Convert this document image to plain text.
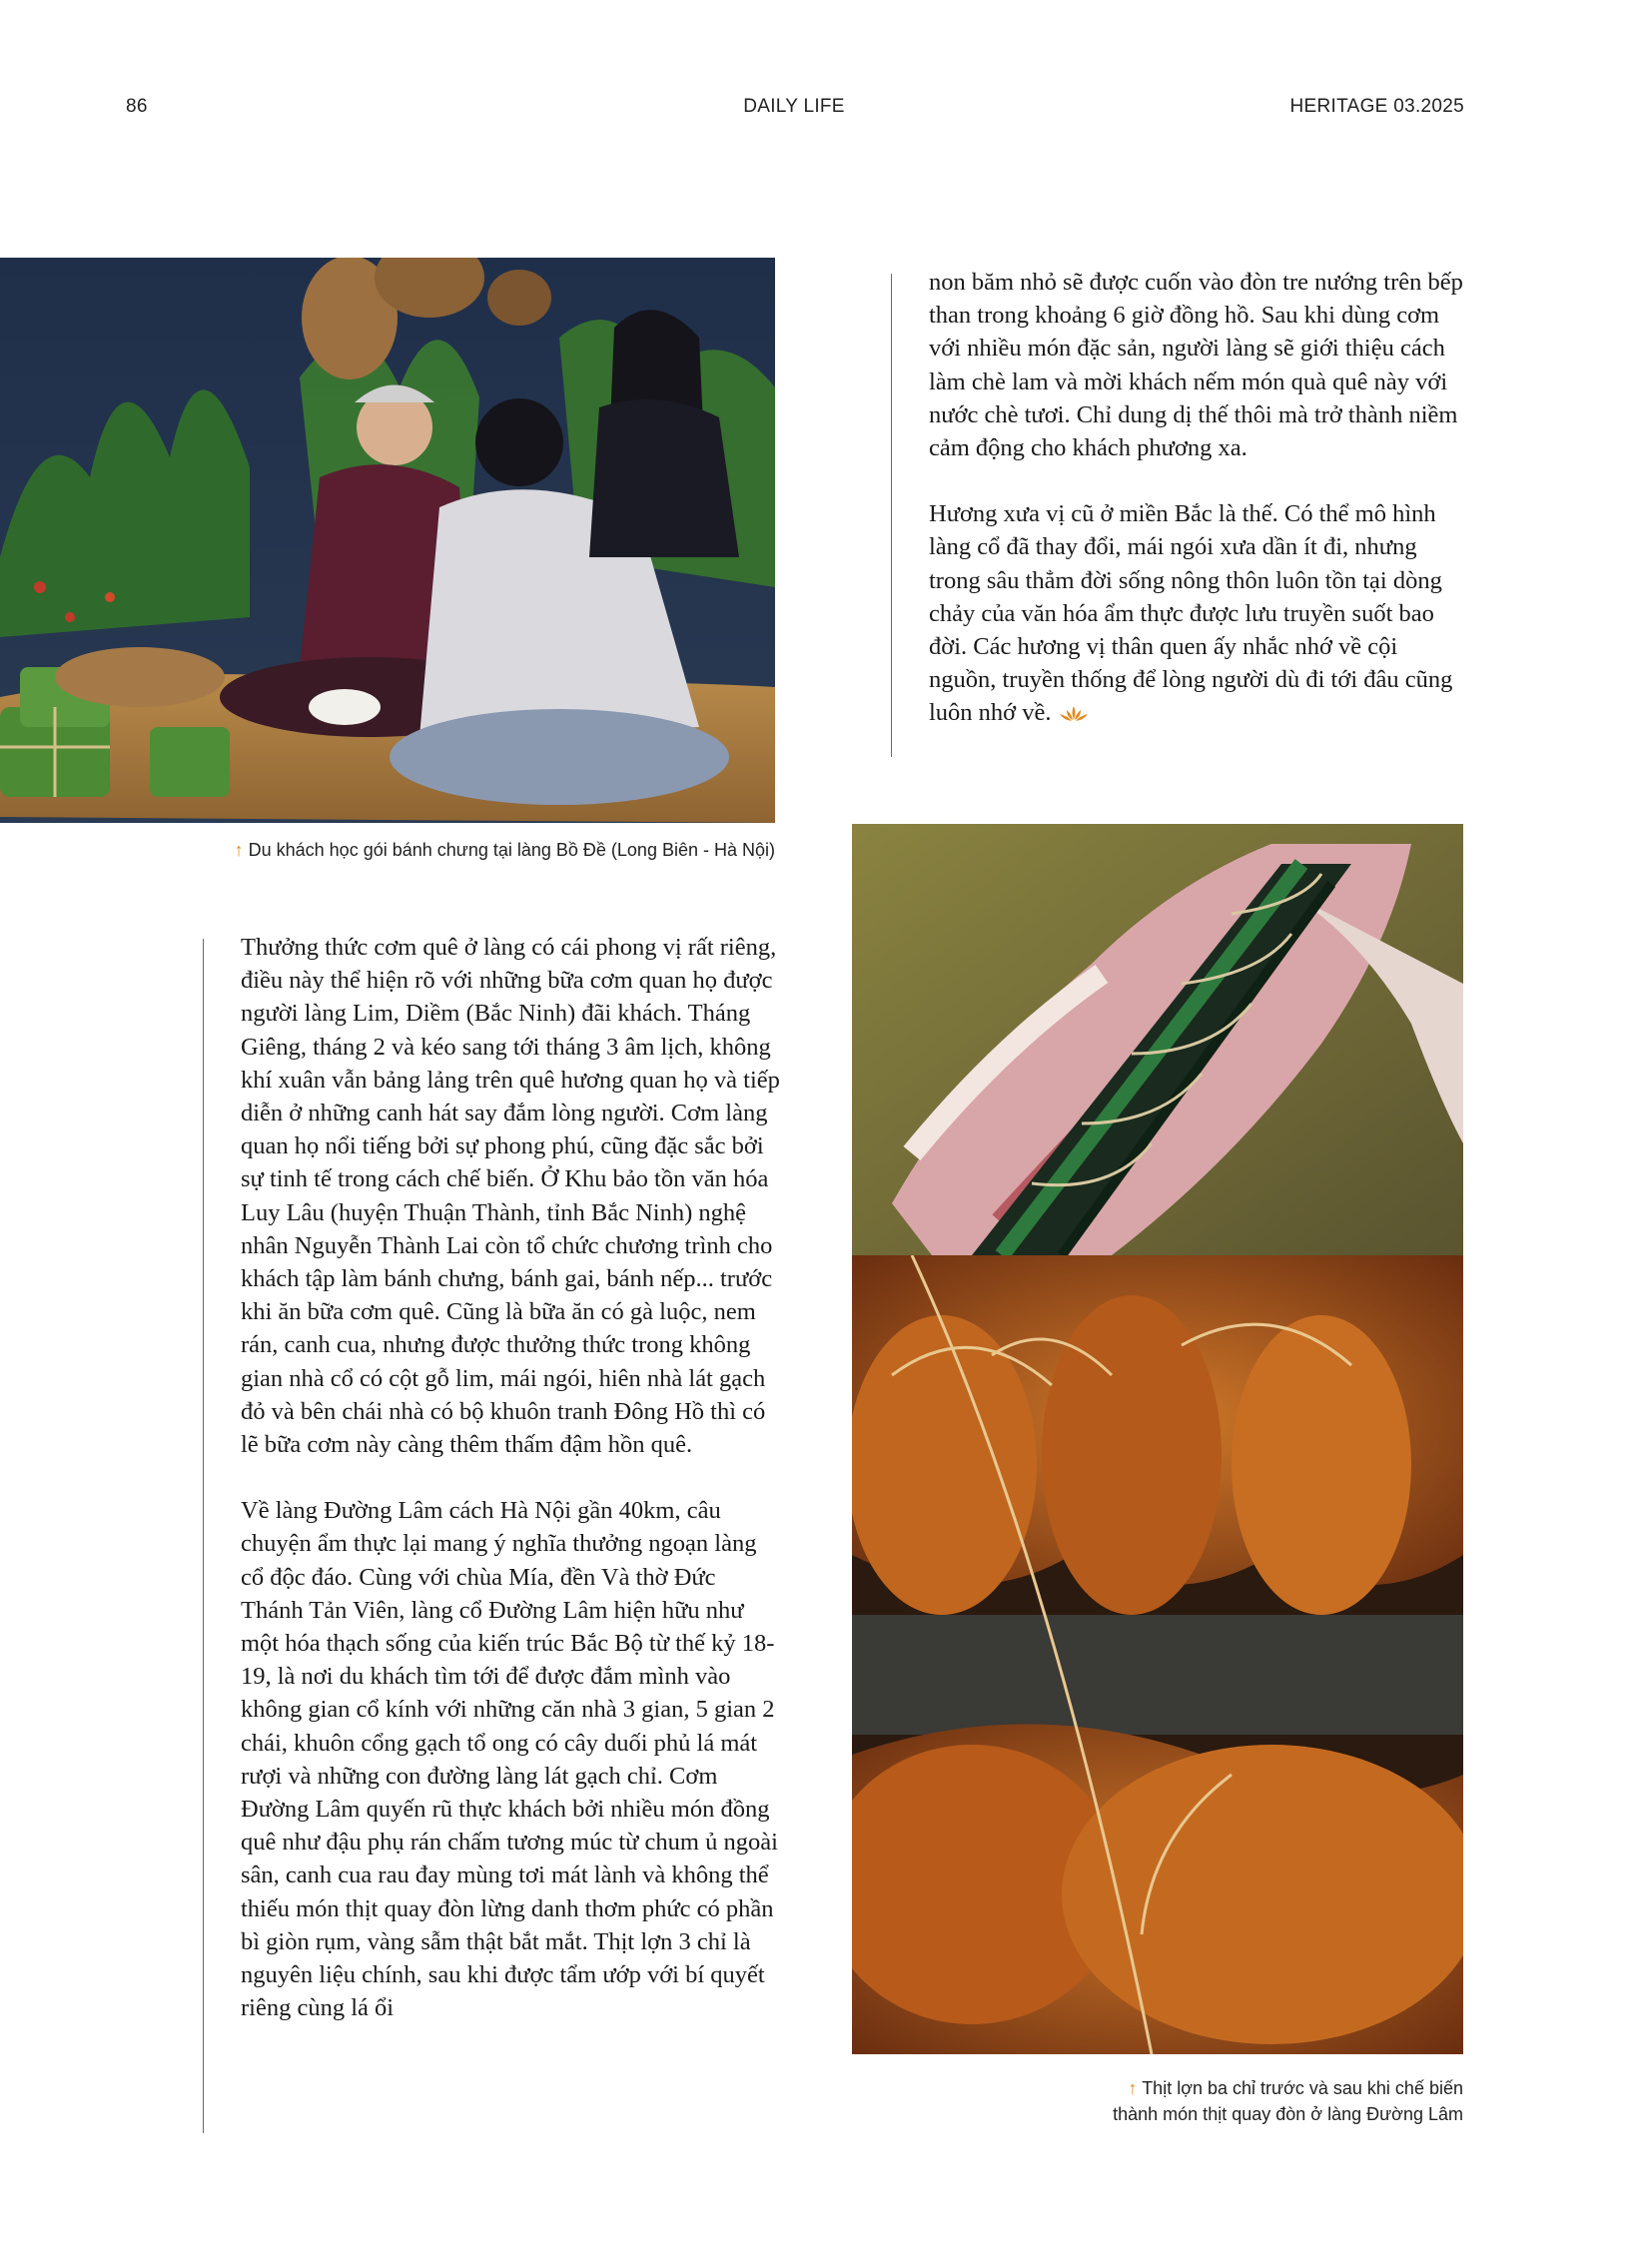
86	DAILY LIFE	HERITAGE 03.2025
↑ Du khách học gói bánh chưng tại làng Bồ Đề (Long Biên - Hà Nội)
↑ Thịt lợn ba chỉ trước và sau khi chế biến
thành món thịt quay đòn ở làng Đường Lâm

non băm nhỏ sẽ được cuốn vào đòn tre nướng trên bếp than trong khoảng 6 giờ đồng hồ. Sau khi dùng cơm với nhiều món đặc sản, người làng sẽ giới thiệu cách làm chè lam và mời khách nếm món quà quê này với nước chè tươi. Chỉ dung dị thế thôi mà trở thành niềm cảm động cho khách phương xa.

Hương xưa vị cũ ở miền Bắc là thế. Có thể mô hình làng cổ đã thay đổi, mái ngói xưa dần ít đi, nhưng trong sâu thẳm đời sống nông thôn luôn tồn tại dòng chảy của văn hóa ẩm thực được lưu truyền suốt bao đời. Các hương vị thân quen ấy nhắc nhớ về cội nguồn, truyền thống để lòng người dù đi tới đâu cũng luôn nhớ về.

Thưởng thức cơm quê ở làng có cái phong vị rất riêng, điều này thể hiện rõ với những bữa cơm quan họ được người làng Lim, Diềm (Bắc Ninh) đãi khách. Tháng Giêng, tháng 2 và kéo sang tới tháng 3 âm lịch, không khí xuân vẫn bảng lảng trên quê hương quan họ và tiếp diễn ở những canh hát say đắm lòng người. Cơm làng quan họ nổi tiếng bởi sự phong phú, cũng đặc sắc bởi sự tinh tế trong cách chế biến. Ở Khu bảo tồn văn hóa Luy Lâu (huyện Thuận Thành, tỉnh Bắc Ninh) nghệ nhân Nguyễn Thành Lai còn tổ chức chương trình cho khách tập làm bánh chưng, bánh gai, bánh nếp... trước khi ăn bữa cơm quê. Cũng là bữa ăn có gà luộc, nem rán, canh cua, nhưng được thưởng thức trong không gian nhà cổ có cột gỗ lim, mái ngói, hiên nhà lát gạch đỏ và bên chái nhà có bộ khuôn tranh Đông Hồ thì có lẽ bữa cơm này càng thêm thấm đậm hồn quê.

Về làng Đường Lâm cách Hà Nội gần 40km, câu chuyện ẩm thực lại mang ý nghĩa thưởng ngoạn làng cổ độc đáo. Cùng với chùa Mía, đền Và thờ Đức Thánh Tản Viên, làng cổ Đường Lâm hiện hữu như một hóa thạch sống của kiến trúc Bắc Bộ từ thế kỷ 18-19, là nơi du khách tìm tới để được đắm mình vào không gian cổ kính với những căn nhà 3 gian, 5 gian 2 chái, khuôn cổng gạch tổ ong có cây duối phủ lá mát rượi và những con đường làng lát gạch chỉ. Cơm Đường Lâm quyến rũ thực khách bởi nhiều món đồng quê như đậu phụ rán chấm tương múc từ chum ủ ngoài sân, canh cua rau đay mùng tơi mát lành và không thể thiếu món thịt quay đòn lừng danh thơm phức có phần bì giòn rụm, vàng sẫm thật bắt mắt. Thịt lợn 3 chỉ là nguyên liệu chính, sau khi được tẩm ướp với bí quyết riêng cùng lá ổi
